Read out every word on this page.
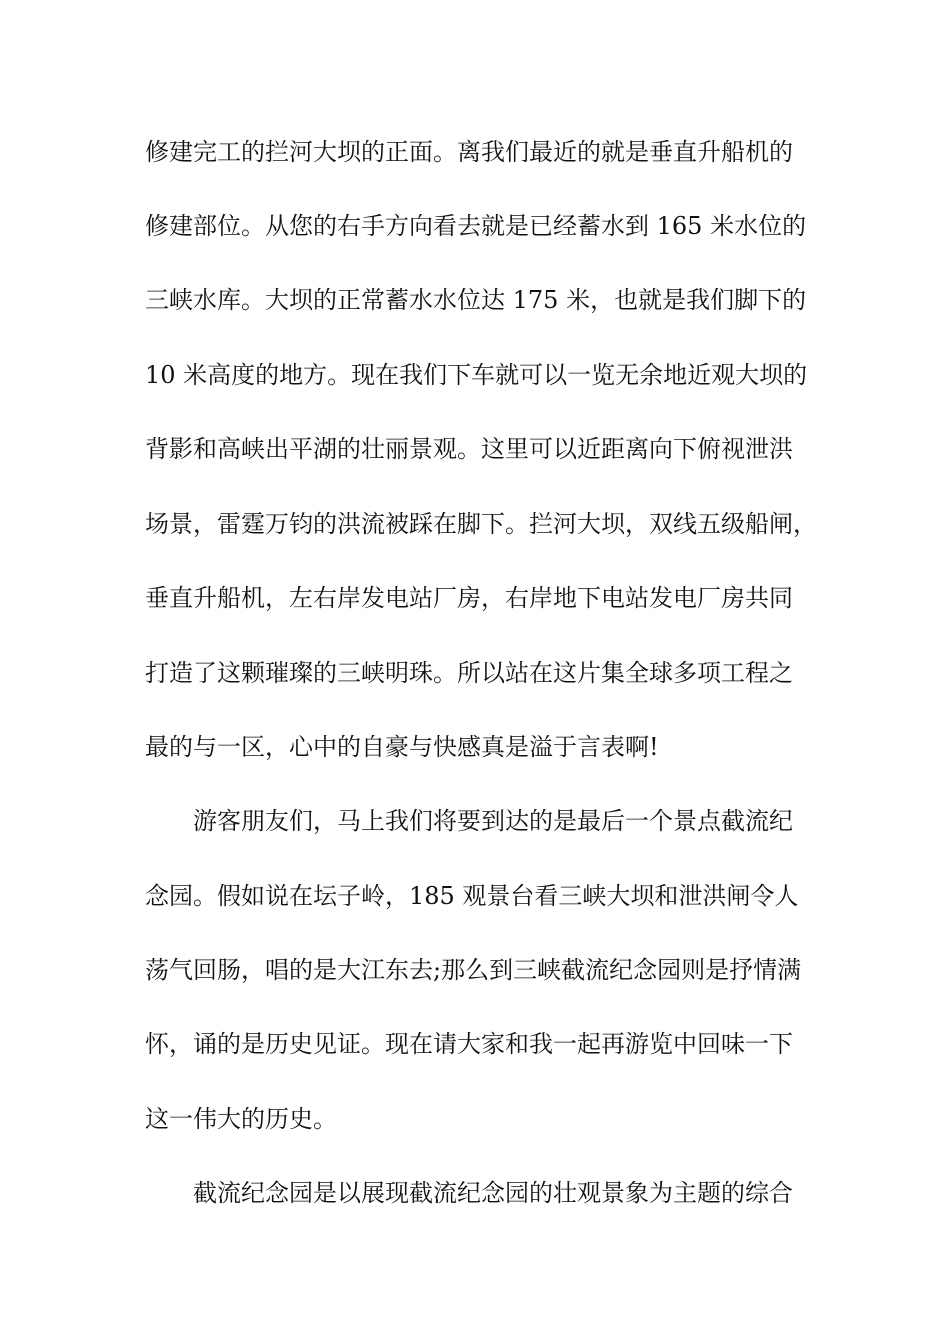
修建完工的拦河大坝的正面。离我们最近的就是垂直升船机的
修建部位。从您的右手方向看去就是已经蓄水到 165 米水位的
三峡水库。大坝的正常蓄水水位达 175 米，也就是我们脚下的
10 米高度的地方。现在我们下车就可以一览无余地近观大坝的
背影和高峡出平湖的壮丽景观。这里可以近距离向下俯视泄洪
场景，雷霆万钧的洪流被踩在脚下。拦河大坝，双线五级船闸，
垂直升船机，左右岸发电站厂房，右岸地下电站发电厂房共同
打造了这颗璀璨的三峡明珠。所以站在这片集全球多项工程之
最的与一区，心中的自豪与快感真是溢于言表啊!
游客朋友们，马上我们将要到达的是最后一个景点截流纪
念园。假如说在坛子岭，185 观景台看三峡大坝和泄洪闸令人
荡气回肠，唱的是大江东去;那么到三峡截流纪念园则是抒情满
怀，诵的是历史见证。现在请大家和我一起再游览中回味一下
这一伟大的历史。
截流纪念园是以展现截流纪念园的壮观景象为主题的综合
